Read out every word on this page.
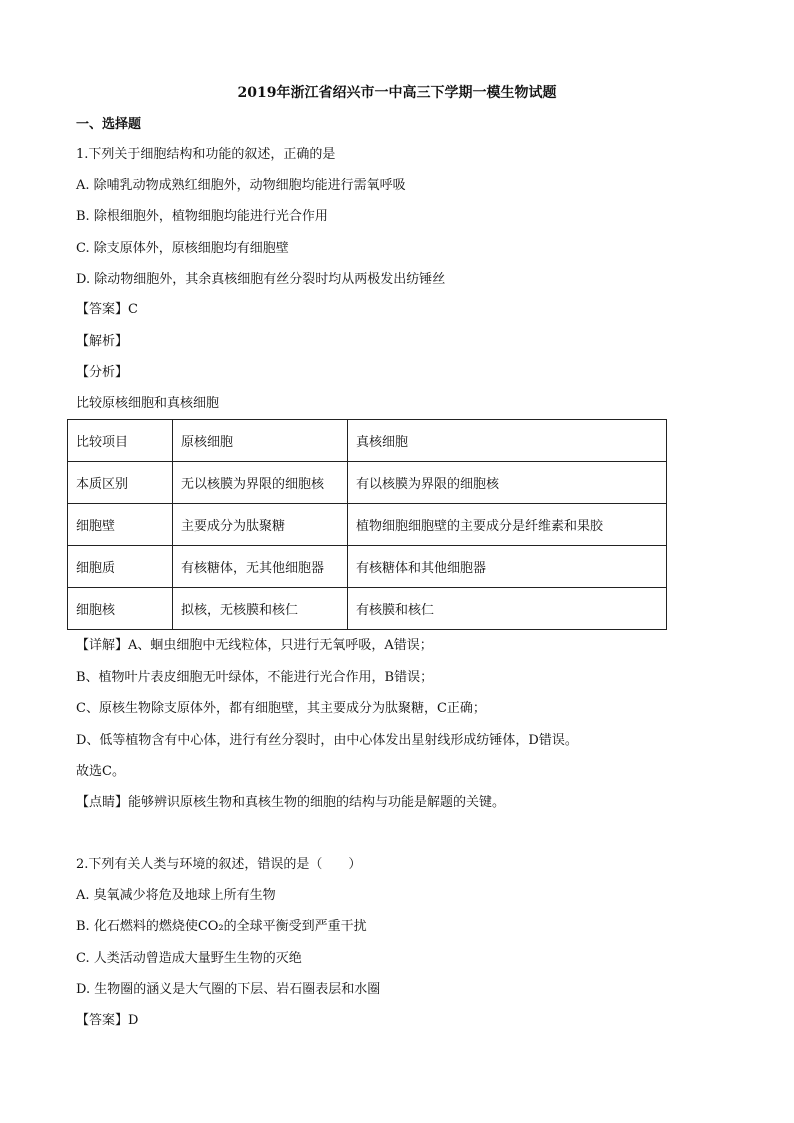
2019年浙江省绍兴市一中高三下学期一模生物试题
一、选择题
1.下列关于细胞结构和功能的叙述，正确的是
A. 除哺乳动物成熟红细胞外，动物细胞均能进行需氧呼吸
B. 除根细胞外，植物细胞均能进行光合作用
C. 除支原体外，原核细胞均有细胞壁
D. 除动物细胞外，其余真核细胞有丝分裂时均从两极发出纺锤丝
【答案】C
【解析】
【分析】
比较原核细胞和真核细胞
比较项目	原核细胞	真核细胞
本质区别	无以核膜为界限的细胞核	有以核膜为界限的细胞核
细胞壁	主要成分为肽聚糖	植物细胞细胞壁的主要成分是纤维素和果胶
细胞质	有核糖体，无其他细胞器	有核糖体和其他细胞器
细胞核	拟核，无核膜和核仁	有核膜和核仁
【详解】A、蛔虫细胞中无线粒体，只进行无氧呼吸，A错误；
B、植物叶片表皮细胞无叶绿体，不能进行光合作用，B错误；
C、原核生物除支原体外，都有细胞壁，其主要成分为肽聚糖，C正确；
D、低等植物含有中心体，进行有丝分裂时，由中心体发出星射线形成纺锤体，D错误。
故选C。
【点睛】能够辨识原核生物和真核生物的细胞的结构与功能是解题的关键。
2.下列有关人类与环境的叙述，错误的是（　　）
A. 臭氧减少将危及地球上所有生物
B. 化石燃料的燃烧使CO₂的全球平衡受到严重干扰
C. 人类活动曾造成大量野生生物的灭绝
D. 生物圈的涵义是大气圈的下层、岩石圈表层和水圈
【答案】D
